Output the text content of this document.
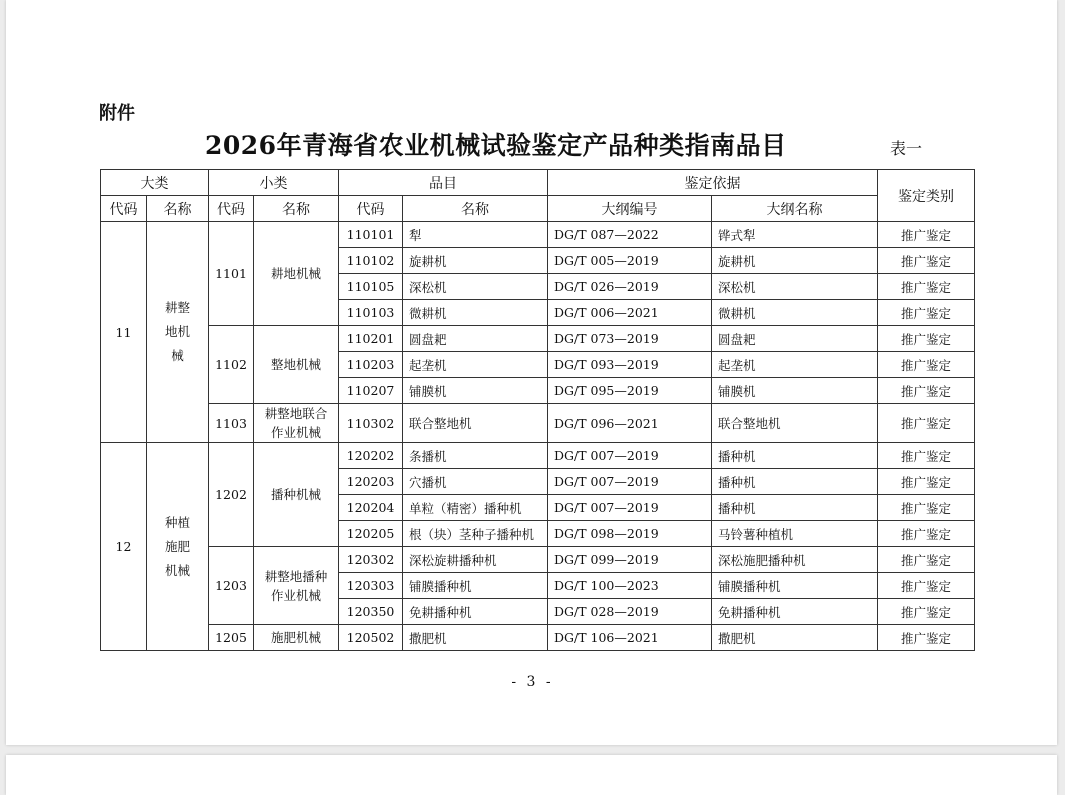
附件
2026年青海省农业机械试验鉴定产品种类指南品目	表一
大类		小类		品目		鉴定依据		鉴定类别
代码	名称	代码	名称	代码	名称	大纲编号	大纲名称	
11	耕整地机械	1101	耕地机械	110101	犁	DG/T 087—2022	铧式犁	推广鉴定
				110102	旋耕机	DG/T 005—2019	旋耕机	推广鉴定
				110105	深松机	DG/T 026—2019	深松机	推广鉴定
				110103	微耕机	DG/T 006—2021	微耕机	推广鉴定
		1102	整地机械	110201	圆盘耙	DG/T 073—2019	圆盘耙	推广鉴定
				110203	起垄机	DG/T 093—2019	起垄机	推广鉴定
				110207	铺膜机	DG/T 095—2019	铺膜机	推广鉴定
		1103	耕整地联合作业机械	110302	联合整地机	DG/T 096—2021	联合整地机	推广鉴定
12	种植施肥机械	1202	播种机械	120202	条播机	DG/T 007—2019	播种机	推广鉴定
				120203	穴播机	DG/T 007—2019	播种机	推广鉴定
				120204	单粒（精密）播种机	DG/T 007—2019	播种机	推广鉴定
				120205	根（块）茎种子播种机	DG/T 098—2019	马铃薯种植机	推广鉴定
		1203	耕整地播种作业机械	120302	深松旋耕播种机	DG/T 099—2019	深松施肥播种机	推广鉴定
				120303	铺膜播种机	DG/T 100—2023	铺膜播种机	推广鉴定
				120350	免耕播种机	DG/T 028—2019	免耕播种机	推广鉴定
		1205	施肥机械	120502	撒肥机	DG/T 106—2021	撒肥机	推广鉴定
- 3 -
